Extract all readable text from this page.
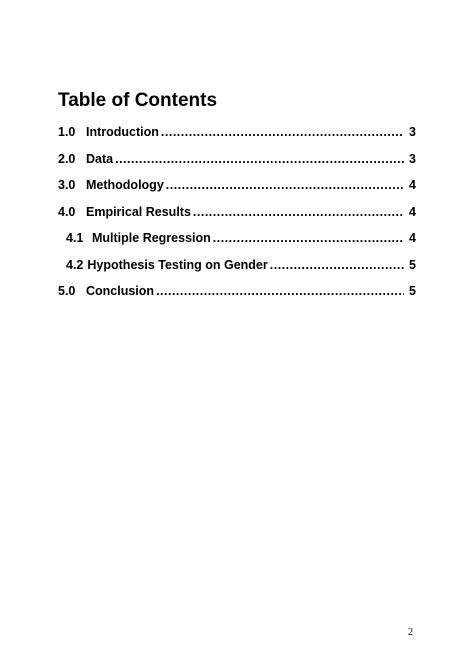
Table of Contents
1.0 Introduction .....	3
2.0 Data .....	3
3.0 Methodology .....	4
4.0 Empirical Results .....	4
4.1 Multiple Regression .....	4
4.2 Hypothesis Testing on Gender .....	5
5.0 Conclusion .....	5
2
